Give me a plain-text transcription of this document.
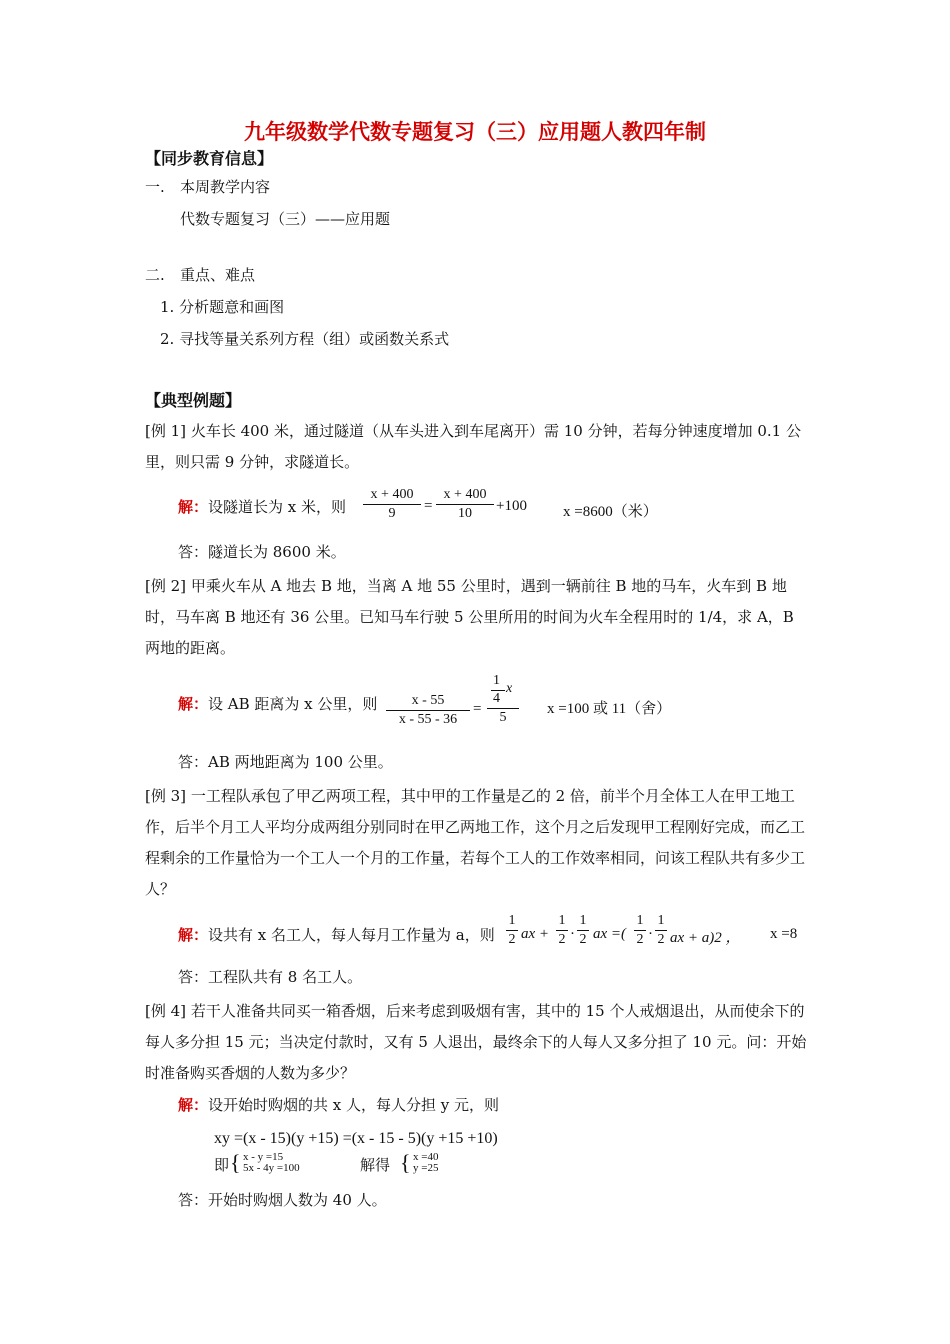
九年级数学代数专题复习（三）应用题人教四年制
【同步教育信息】
一. 本周教学内容
代数专题复习（三）——应用题
二. 重点、难点
1. 分析题意和画图
2. 寻找等量关系列方程（组）或函数关系式
【典型例题】
[例 1] 火车长 400 米，通过隧道（从车头进入到车尾离开）需 10 分钟，若每分钟速度增加 0.1 公里，则只需 9 分钟，求隧道长。
解：设隧道长为 x 米，则
x + 400
9	=
x + 400
10	+100 x =8600（米）
答：隧道长为 8600 米。
[例 2] 甲乘火车从 A 地去 B 地，当离 A 地 55 公里时，遇到一辆前往 B 地的马车，火车到 B 地时，马车离 B 地还有 36 公里。已知马车行驶 5 公里所用的时间为火车全程用时的 1/4，求 A，B 两地的距离。
解：设 AB 距离为 x 公里，则	x - 55
x - 55 - 36
=
1
4
x
5
x =100 或 11（舍）
答：AB 两地距离为 100 公里。
[例 3] 一工程队承包了甲乙两项工程，其中甲的工作量是乙的 2 倍，前半个月全体工人在甲工地工作，后半个月工人平均分成两组分别同时在甲乙两地工作，这个月之后发现甲工程刚好完成，而乙工程剩余的工作量恰为一个工人一个月的工作量，若每个工人的工作效率相同，问该工程队共有多少工人？
解：设共有 x 名工人，每人每月工作量为 a，则
1
2 ax +
1
2 ·
1
2 ax =(
1
2 ·
1
2 ax + a)2 ， x =8
答：工程队共有 8 名工人。
[例 4] 若干人准备共同买一箱香烟，后来考虑到吸烟有害，其中的 15 个人戒烟退出，从而使余下的每人多分担 15 元；当决定付款时，又有 5 人退出，最终余下的人每人又多分担了 10 元。问：开始时准备购买香烟的人数为多少？
解：设开始时购烟的共 x 人，每人分担 y 元，则
xy =(x - 15)(y +15) =(x - 15 - 5)(y +15 +10)
即 { x - y =15
5x - 4y =100	解得 { x =40
y =25
答：开始时购烟人数为 40 人。
